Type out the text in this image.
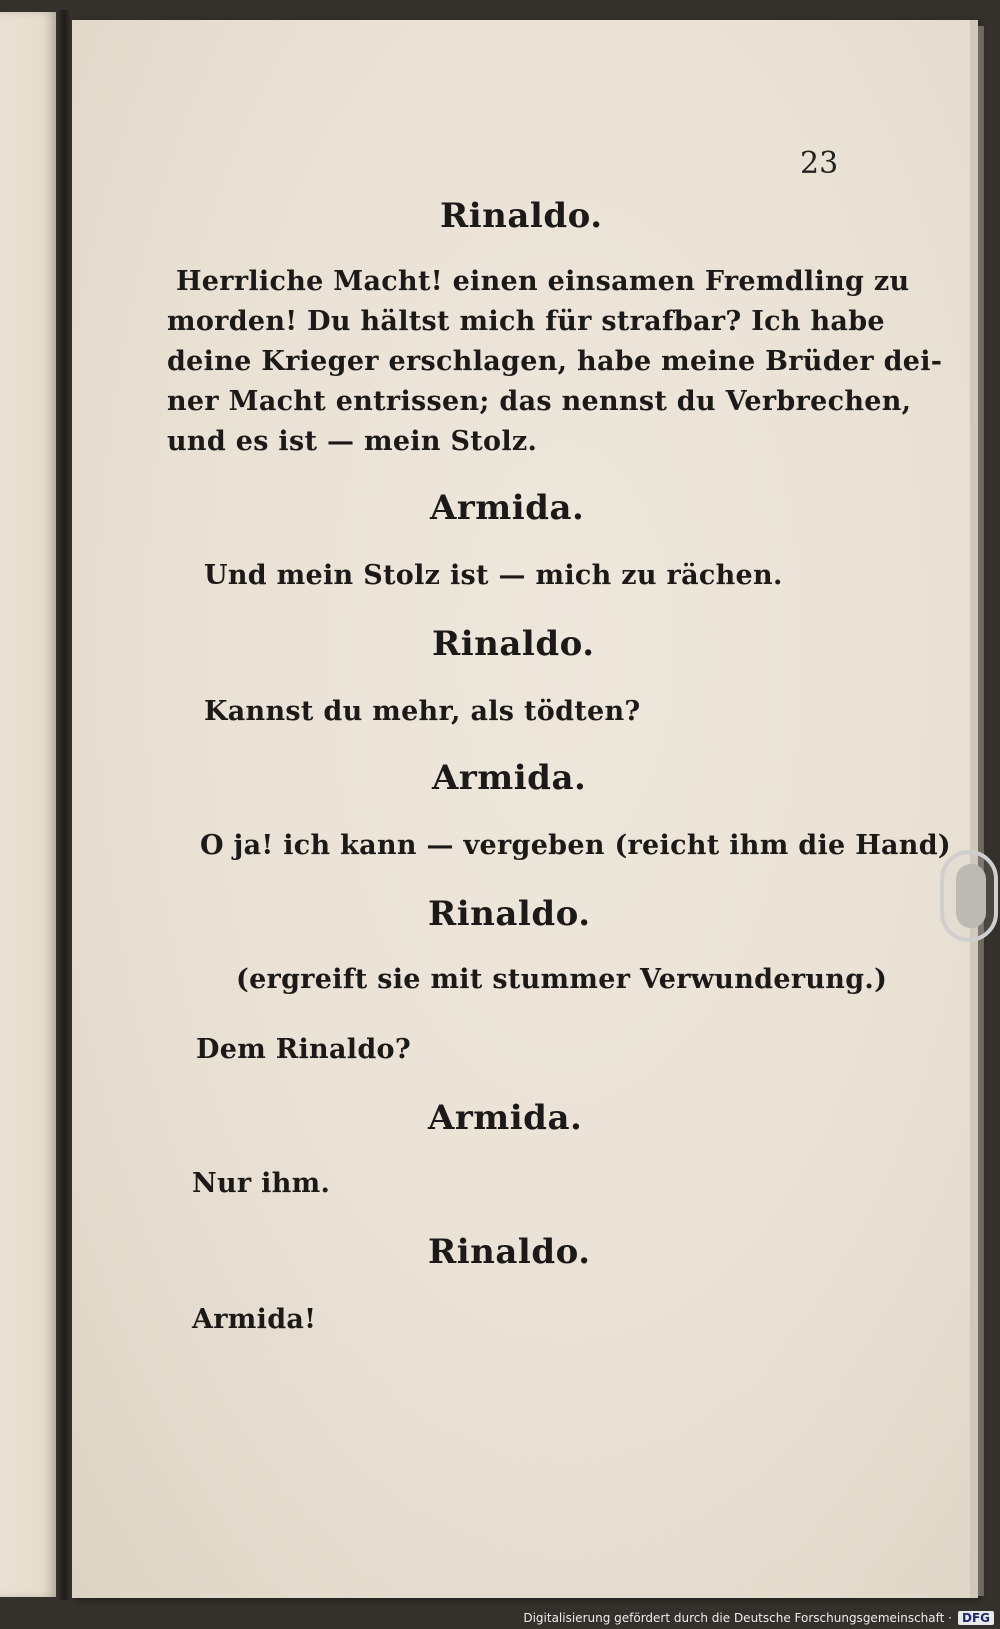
23
Rinaldo.
Herrliche Macht! einen einsamen Fremdling zu
morden! Du hältst mich für strafbar? Ich habe
deine Krieger erschlagen, habe meine Brüder dei-
ner Macht entrissen; das nennst du Verbrechen,
und es ist — mein Stolz.
Armida.
Und mein Stolz ist — mich zu rächen.
Rinaldo.
Kannst du mehr, als tödten?
Armida.
O ja! ich kann — vergeben (reicht ihm die Hand)
Rinaldo.
(ergreift sie mit stummer Verwunderung.)
Dem Rinaldo?
Armida.
Nur ihm.
Rinaldo.
Armida!
Digitalisierung gefördert durch die Deutsche Forschungsgemeinschaft · DFG
